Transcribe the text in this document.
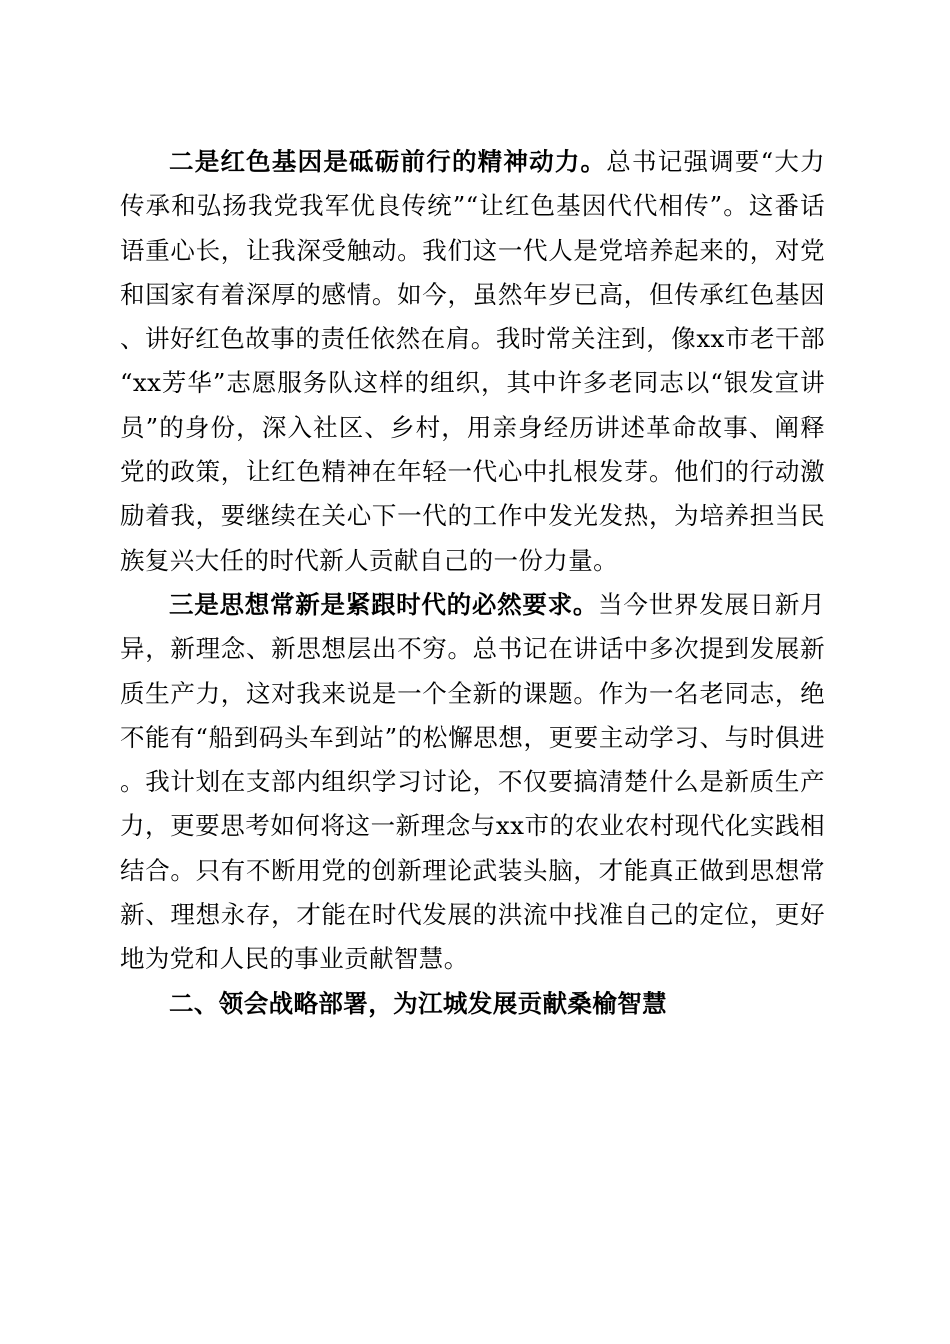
二是红色基因是砥砺前行的精神动力。总书记强调要“大力传承和弘扬我党我军优良传统”“让红色基因代代相传”。这番话语重心长，让我深受触动。我们这一代人是党培养起来的，对党和国家有着深厚的感情。如今，虽然年岁已高，但传承红色基因、讲好红色故事的责任依然在肩。我时常关注到，像xx市老干部“xx芳华”志愿服务队这样的组织，其中许多老同志以“银发宣讲员”的身份，深入社区、乡村，用亲身经历讲述革命故事、阐释党的政策，让红色精神在年轻一代心中扎根发芽。他们的行动激励着我，要继续在关心下一代的工作中发光发热，为培养担当民族复兴大任的时代新人贡献自己的一份力量。

三是思想常新是紧跟时代的必然要求。当今世界发展日新月异，新理念、新思想层出不穷。总书记在讲话中多次提到发展新质生产力，这对我来说是一个全新的课题。作为一名老同志，绝不能有“船到码头车到站”的松懈思想，更要主动学习、与时俱进。我计划在支部内组织学习讨论，不仅要搞清楚什么是新质生产力，更要思考如何将这一新理念与xx市的农业农村现代化实践相结合。只有不断用党的创新理论武装头脑，才能真正做到思想常新、理想永存，才能在时代发展的洪流中找准自己的定位，更好地为党和人民的事业贡献智慧。

二、领会战略部署，为江城发展贡献桑榆智慧
